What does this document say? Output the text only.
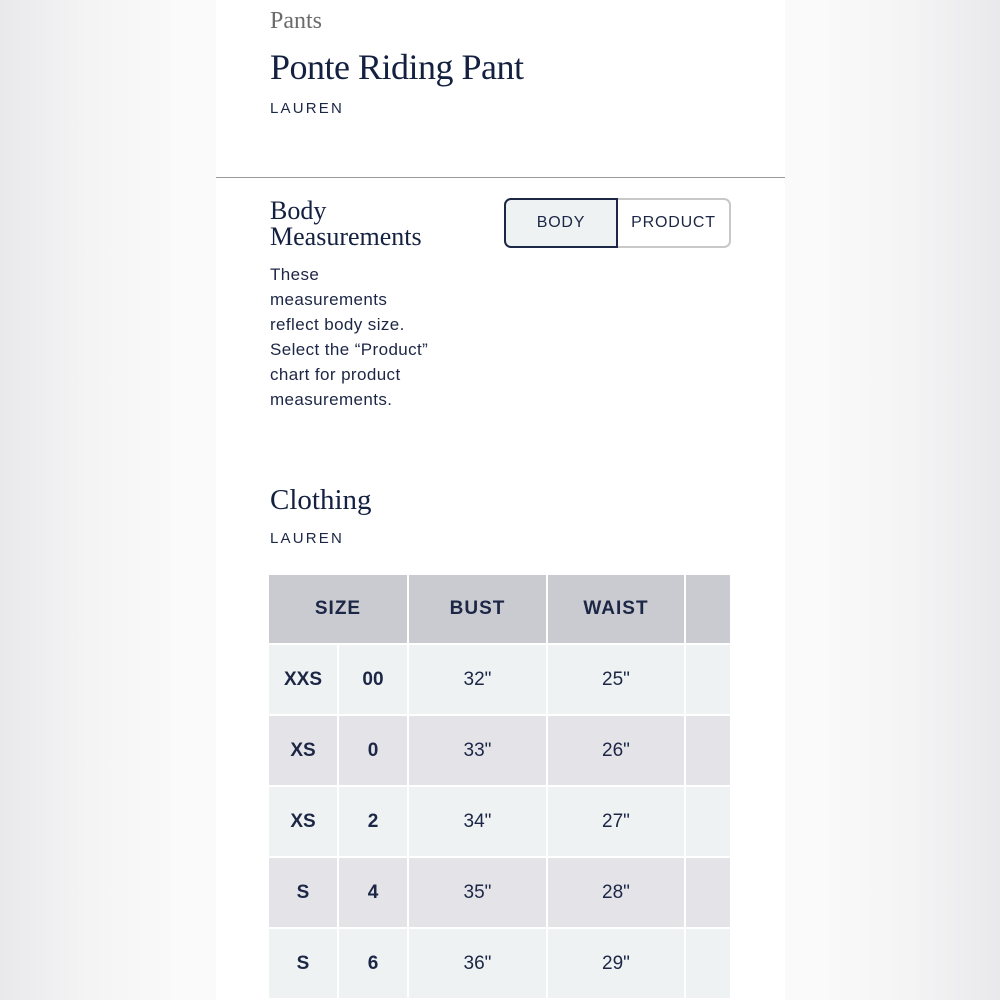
Pants
Ponte Riding Pant
LAUREN
Body
Measurements
These measurements reflect body size. Select the “Product” chart for product measurements.
BODY	PRODUCT
Clothing
LAUREN
SIZE	BUST	WAIST
XXS	00	32"	25"
XS	0	33"	26"
XS	2	34"	27"
S	4	35"	28"
S	6	36"	29"
